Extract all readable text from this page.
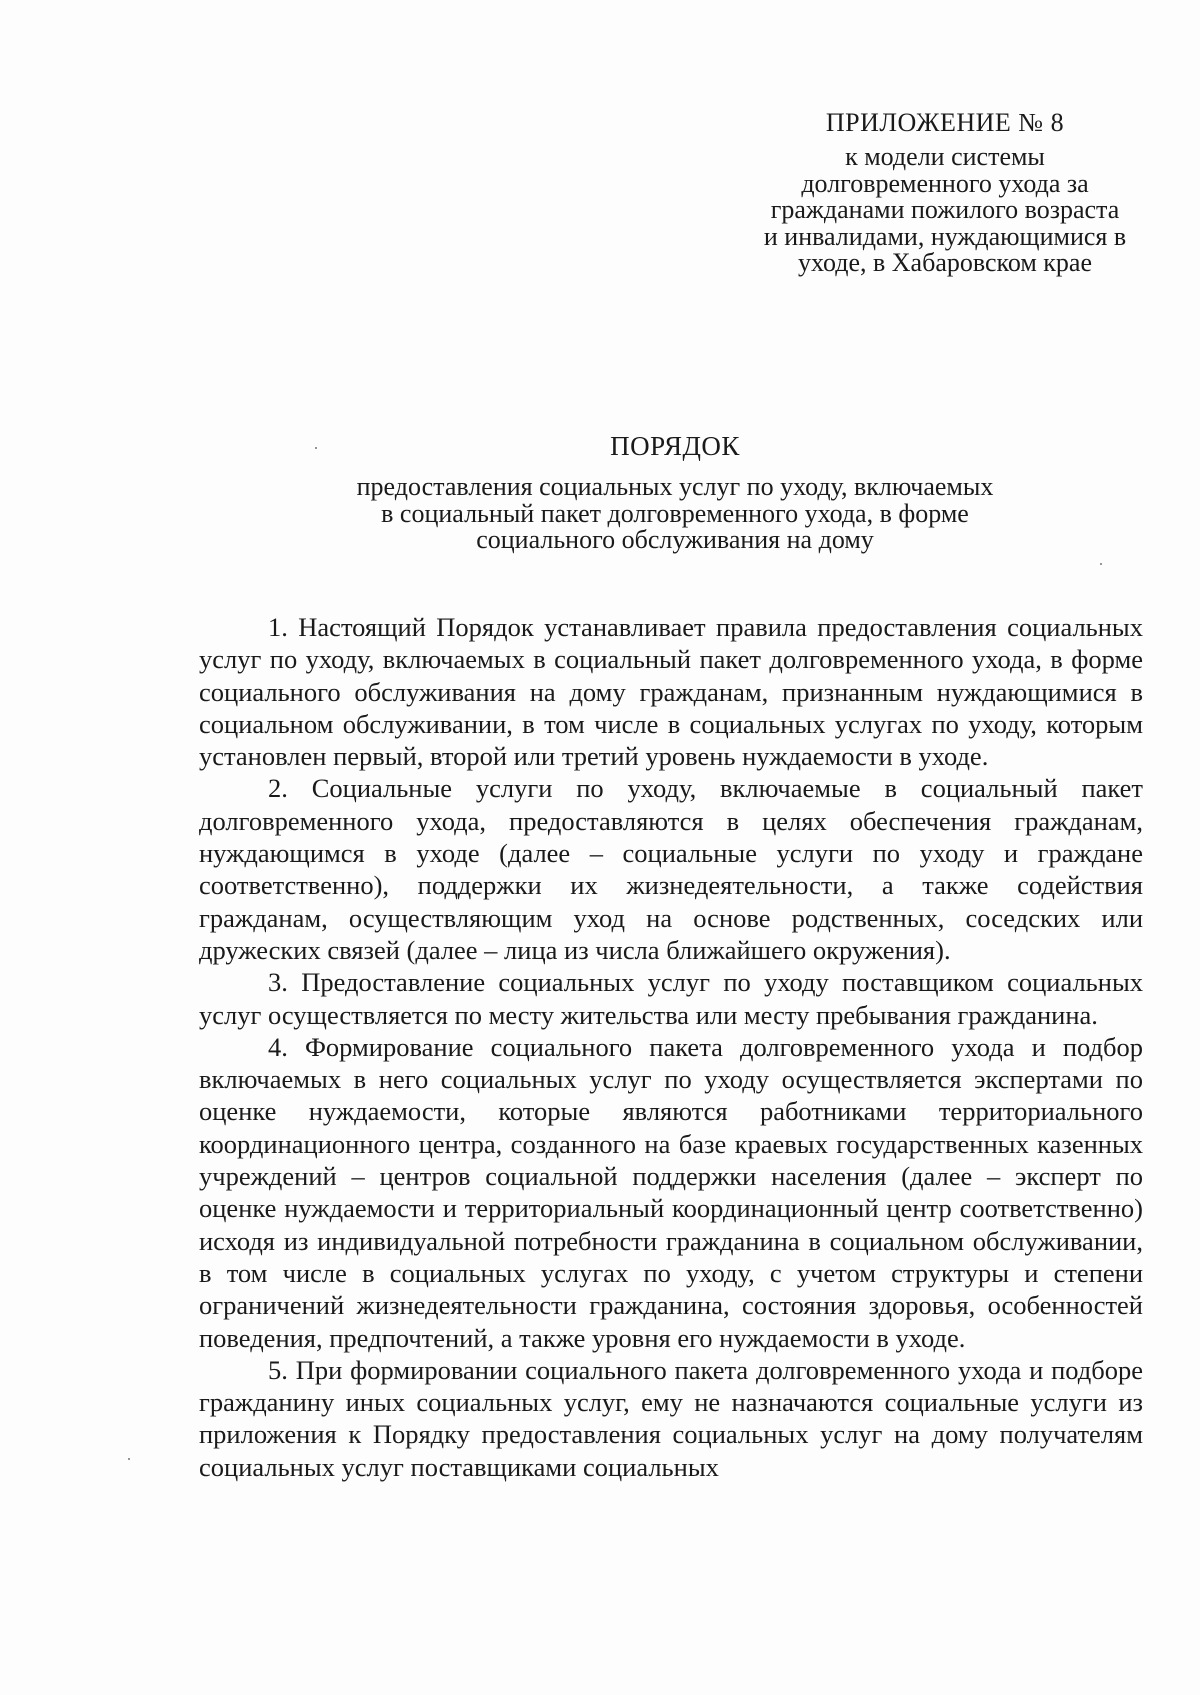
ПРИЛОЖЕНИЕ № 8

к модели системы

долговременного ухода за

гражданами пожилого возраста

и инвалидами, нуждающимися в

уходе, в Хабаровском крае

ПОРЯДОК

предоставления социальных услуг по уходу, включаемых

в социальный пакет долговременного ухода, в форме

социального обслуживания на дому

1. Настоящий Порядок устанавливает правила предоставления социальных услуг по уходу, включаемых в социальный пакет долговременного ухода, в форме социального обслуживания на дому гражданам, признанным нуждающимися в социальном обслуживании, в том числе в социальных услугах по уходу, которым установлен первый, второй или третий уровень нуждаемости в уходе.

2. Социальные услуги по уходу, включаемые в социальный пакет долговременного ухода, предоставляются в целях обеспечения гражданам, нуждающимся в уходе (далее – социальные услуги по уходу и граждане соответственно), поддержки их жизнедеятельности, а также содействия гражданам, осуществляющим уход на основе родственных, соседских или дружеских связей (далее – лица из числа ближайшего окружения).

3. Предоставление социальных услуг по уходу поставщиком социальных услуг осуществляется по месту жительства или месту пребывания гражданина.

4. Формирование социального пакета долговременного ухода и подбор включаемых в него социальных услуг по уходу осуществляется экспертами по оценке нуждаемости, которые являются работниками территориального координационного центра, созданного на базе краевых государственных казенных учреждений – центров социальной поддержки населения (далее – эксперт по оценке нуждаемости и территориальный координационный центр соответственно) исходя из индивидуальной потребности гражданина в социальном обслуживании, в том числе в социальных услугах по уходу, с учетом структуры и степени ограничений жизнедеятельности гражданина, состояния здоровья, особенностей поведения, предпочтений, а также уровня его нуждаемости в уходе.

5. При формировании социального пакета долговременного ухода и подборе гражданину иных социальных услуг, ему не назначаются социальные услуги из приложения к Порядку предоставления социальных услуг на дому получателям социальных услуг поставщиками социальных
